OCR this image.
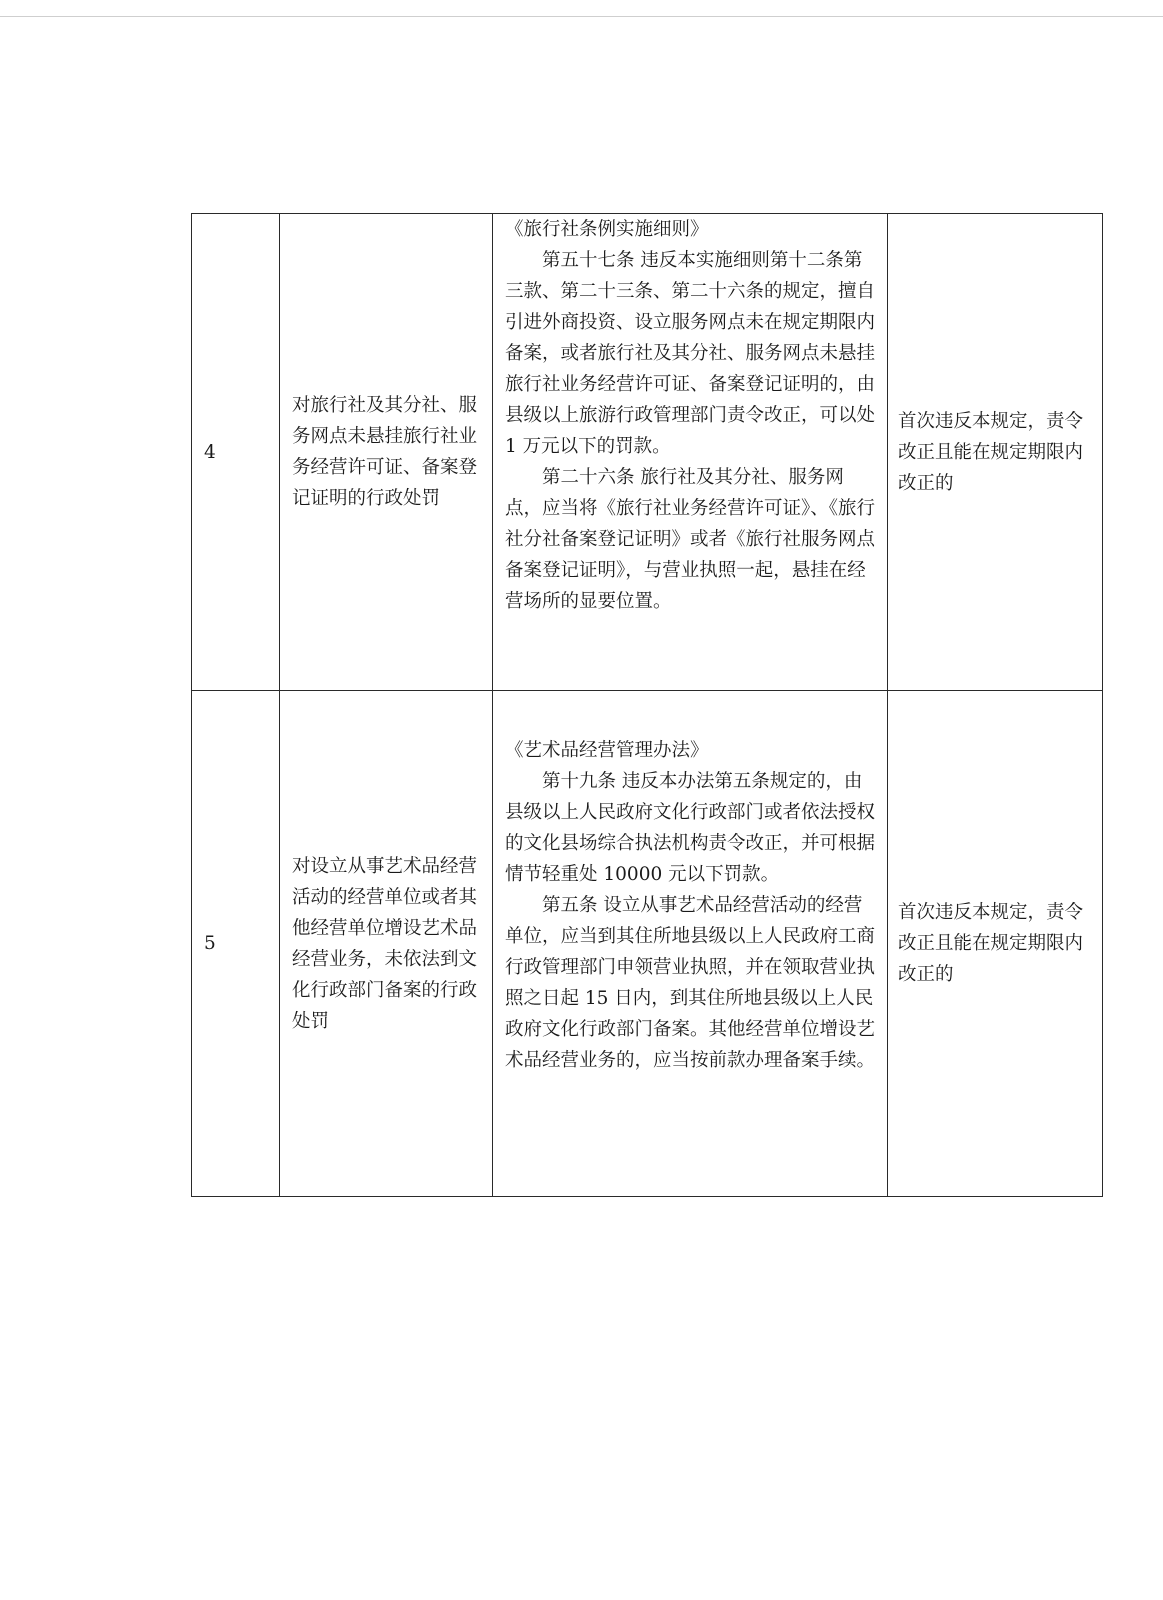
4	对旅行社及其分社、服务网点未悬挂旅行社业务经营许可证、备案登记证明的行政处罚	《旅行社条例实施细则》
第五十七条 违反本实施细则第十二条第三款、第二十三条、第二十六条的规定，擅自引进外商投资、设立服务网点未在规定期限内备案，或者旅行社及其分社、服务网点未悬挂旅行社业务经营许可证、备案登记证明的，由县级以上旅游行政管理部门责令改正，可以处 1 万元以下的罚款。
第二十六条 旅行社及其分社、服务网点，应当将《旅行社业务经营许可证》、《旅行社分社备案登记证明》或者《旅行社服务网点备案登记证明》，与营业执照一起，悬挂在经营场所的显要位置。	首次违反本规定，责令改正且能在规定期限内改正的
5	对设立从事艺术品经营活动的经营单位或者其他经营单位增设艺术品 经营业务，未依法到文化行政部门备案的行政处罚	《艺术品经营管理办法》
第十九条 违反本办法第五条规定的，由县级以上人民政府文化行政部门或者依法授权的文化县场综合执法机构责令改正，并可根据情节轻重处 10000 元以下罚款。
第五条 设立从事艺术品经营活动的经营单位，应当到其住所地县级以上人民政府工商行政管理部门申领营业执照，并在领取营业执照之日起 15 日内，到其住所地县级以上人民政府文化行政部门备案。其他经营单位增设艺术品经营业务的，应当按前款办理备案手续。	首次违反本规定，责令改正且能在规定期限内改正的
